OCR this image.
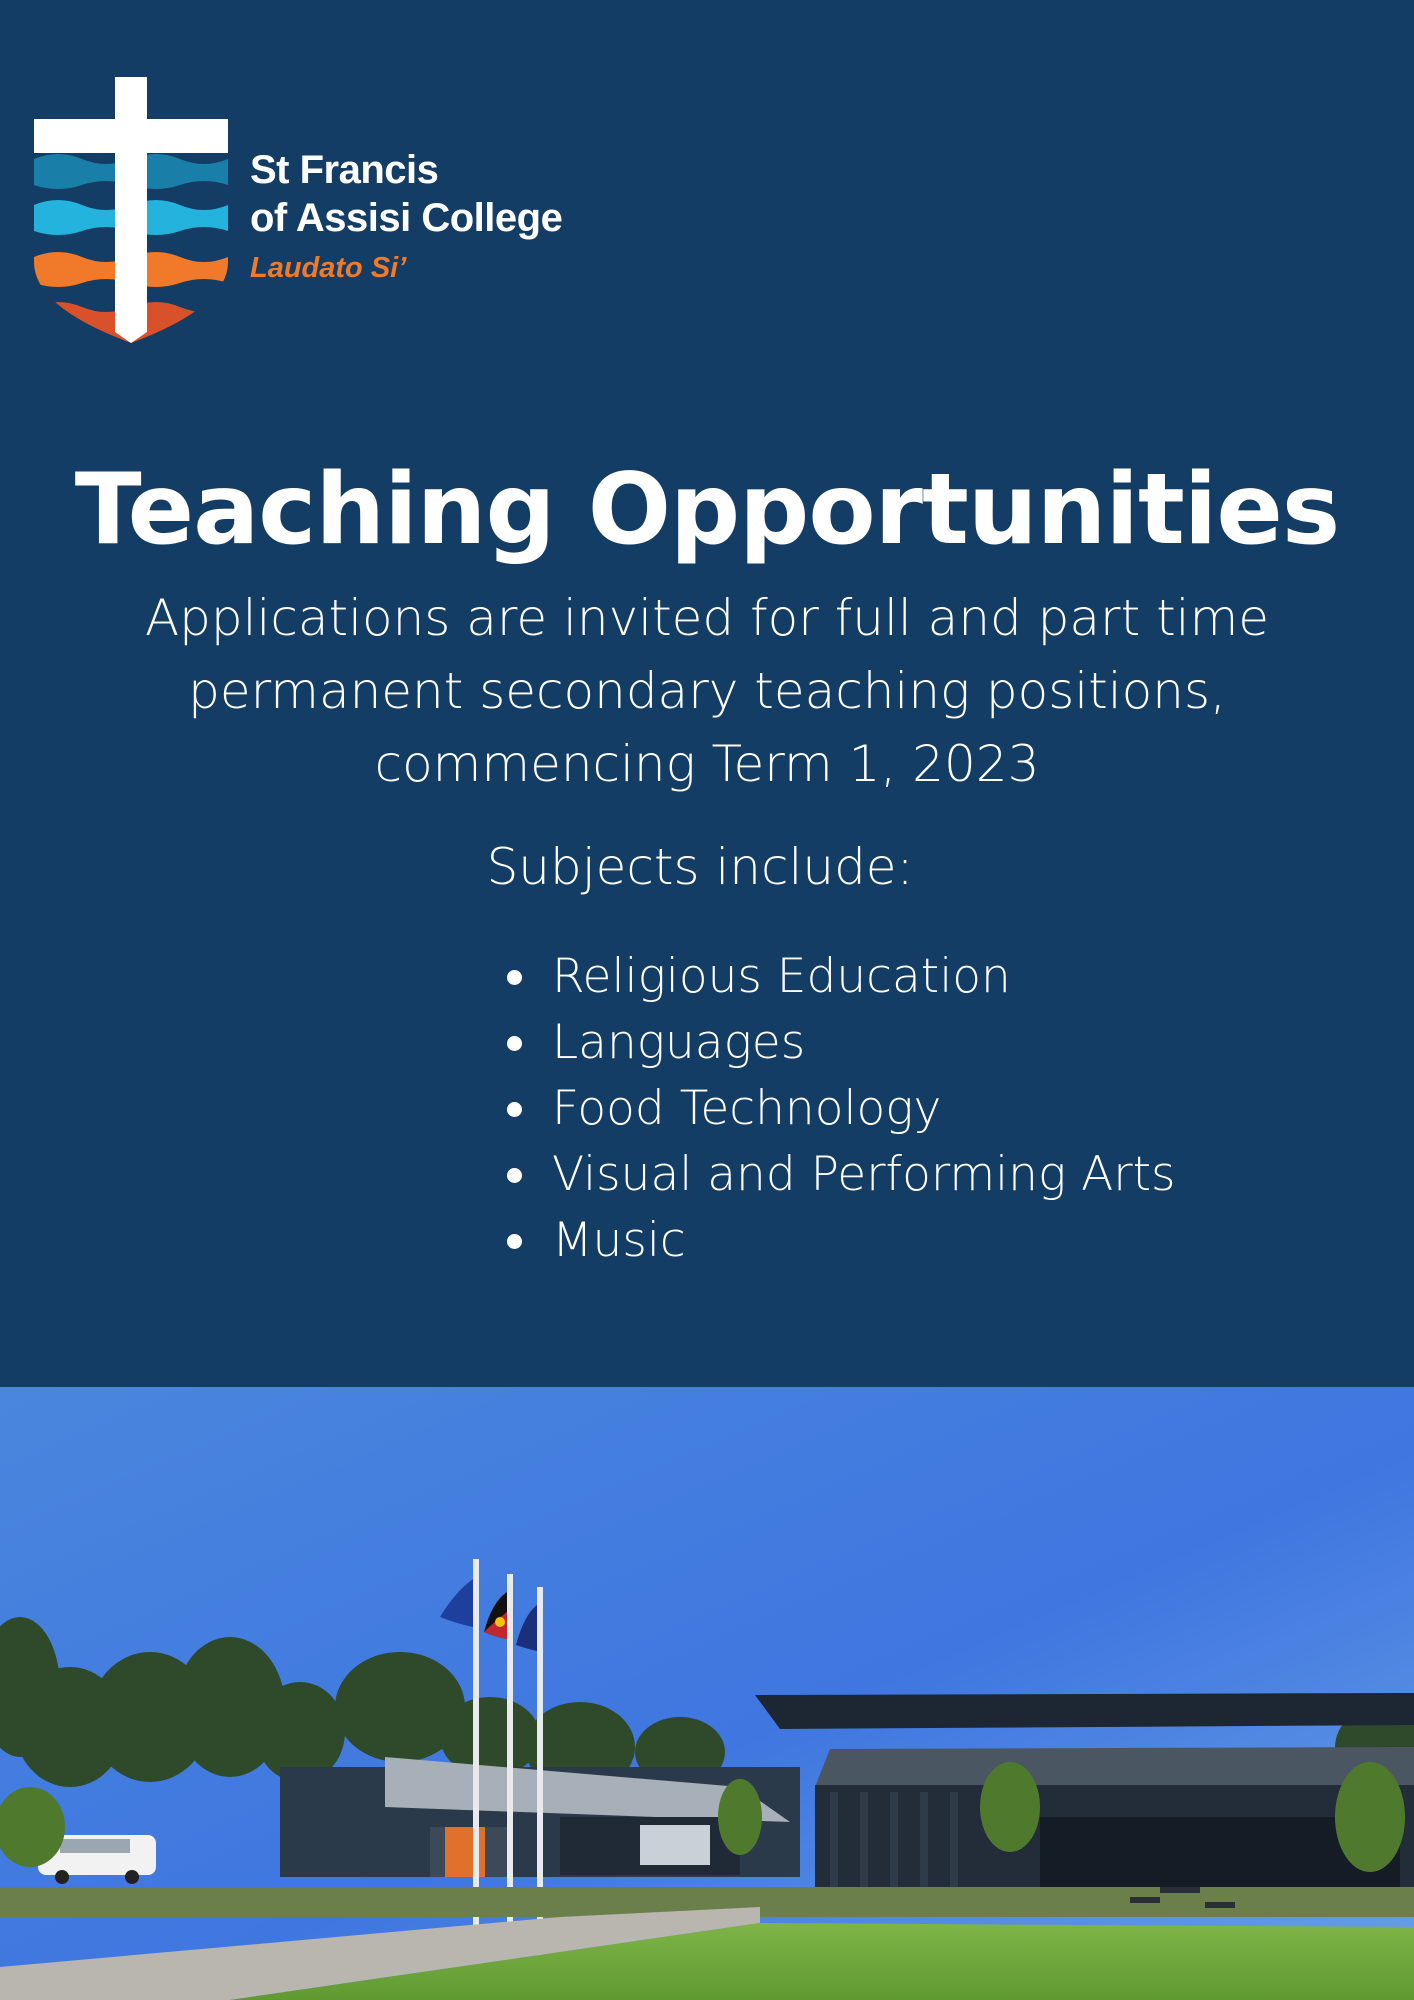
St Francis
of Assisi College
Laudato Si’
Teaching Opportunities
Applications are invited for full and part time
permanent secondary teaching positions,
commencing Term 1, 2023
Subjects include:
Religious Education
Languages
Food Technology
Visual and Performing Arts
Music
